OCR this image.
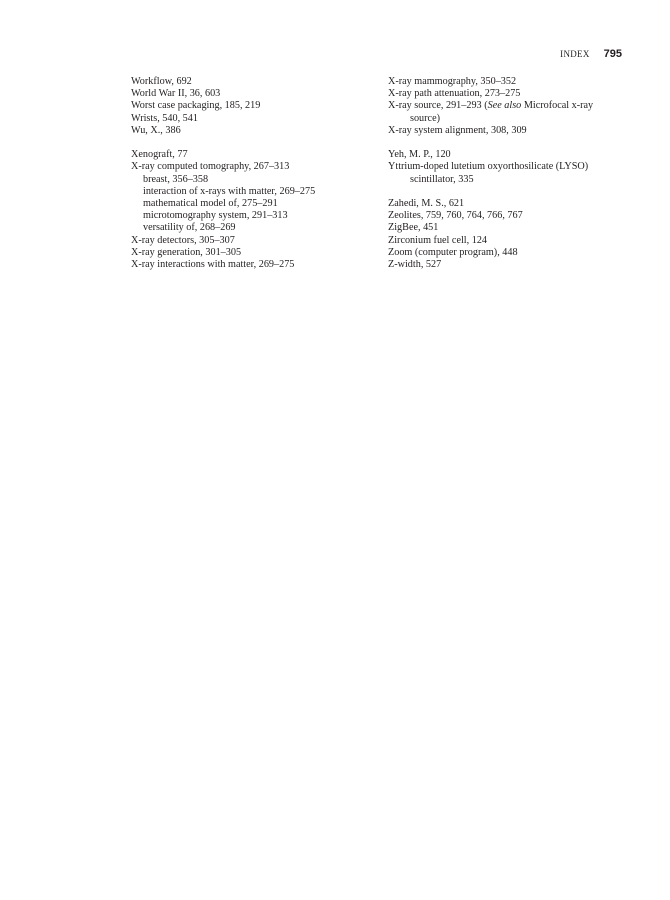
INDEX 795
Workflow, 692
World War II, 36, 603
Worst case packaging, 185, 219
Wrists, 540, 541
Wu, X., 386
Xenograft, 77
X-ray computed tomography, 267–313
breast, 356–358
interaction of x-rays with matter, 269–275
mathematical model of, 275–291
microtomography system, 291–313
versatility of, 268–269
X-ray detectors, 305–307
X-ray generation, 301–305
X-ray interactions with matter, 269–275
X-ray mammography, 350–352
X-ray path attenuation, 273–275
X-ray source, 291–293 (See also Microfocal x-ray
source)
X-ray system alignment, 308, 309
Yeh, M. P., 120
Yttrium-doped lutetium oxyorthosilicate (LYSO)
scintillator, 335
Zahedi, M. S., 621
Zeolites, 759, 760, 764, 766, 767
ZigBee, 451
Zirconium fuel cell, 124
Zoom (computer program), 448
Z-width, 527
